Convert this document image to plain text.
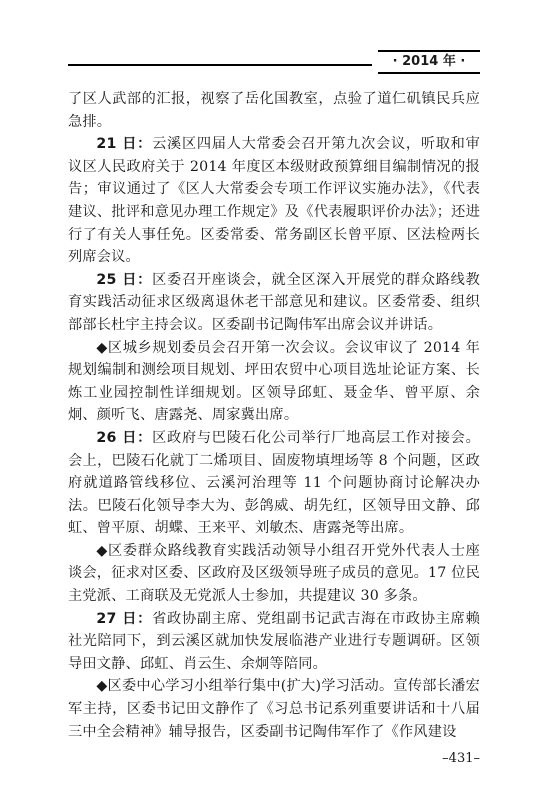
· 2014 年 ·

了区人武部的汇报，视察了岳化国教室，点验了道仁矶镇民兵应急排。

21 日：云溪区四届人大常委会召开第九次会议，听取和审议区人民政府关于 2014 年度区本级财政预算细目编制情况的报告；审议通过了《区人大常委会专项工作评议实施办法》，《代表建议、批评和意见办理工作规定》及《代表履职评价办法》；还进行了有关人事任免。区委常委、常务副区长曾平原、区法检两长列席会议。

25 日：区委召开座谈会，就全区深入开展党的群众路线教育实践活动征求区级离退休老干部意见和建议。区委常委、组织部部长杜宇主持会议。区委副书记陶伟军出席会议并讲话。

◆区城乡规划委员会召开第一次会议。会议审议了 2014 年规划编制和测绘项目规划、坪田农贸中心项目选址论证方案、长炼工业园控制性详细规划。区领导邱虹、聂金华、曾平原、余炯、颜听飞、唐露尧、周家冀出席。

26 日：区政府与巴陵石化公司举行厂地高层工作对接会。会上，巴陵石化就丁二烯项目、固废物填埋场等 8 个问题，区政府就道路管线移位、云溪河治理等 11 个问题协商讨论解决办法。巴陵石化领导李大为、彭鸽威、胡先红，区领导田文静、邱虹、曾平原、胡蝶、王来平、刘敏杰、唐露尧等出席。

◆区委群众路线教育实践活动领导小组召开党外代表人士座谈会，征求对区委、区政府及区级领导班子成员的意见。17 位民主党派、工商联及无党派人士参加，共提建议 30 多条。

27 日：省政协副主席、党组副书记武吉海在市政协主席赖社光陪同下，到云溪区就加快发展临港产业进行专题调研。区领导田文静、邱虹、肖云生、余炯等陪同。

◆区委中心学习小组举行集中(扩大)学习活动。宣传部长潘宏军主持，区委书记田文静作了《习总书记系列重要讲话和十八届三中全会精神》辅导报告，区委副书记陶伟军作了《作风建设

–431–
